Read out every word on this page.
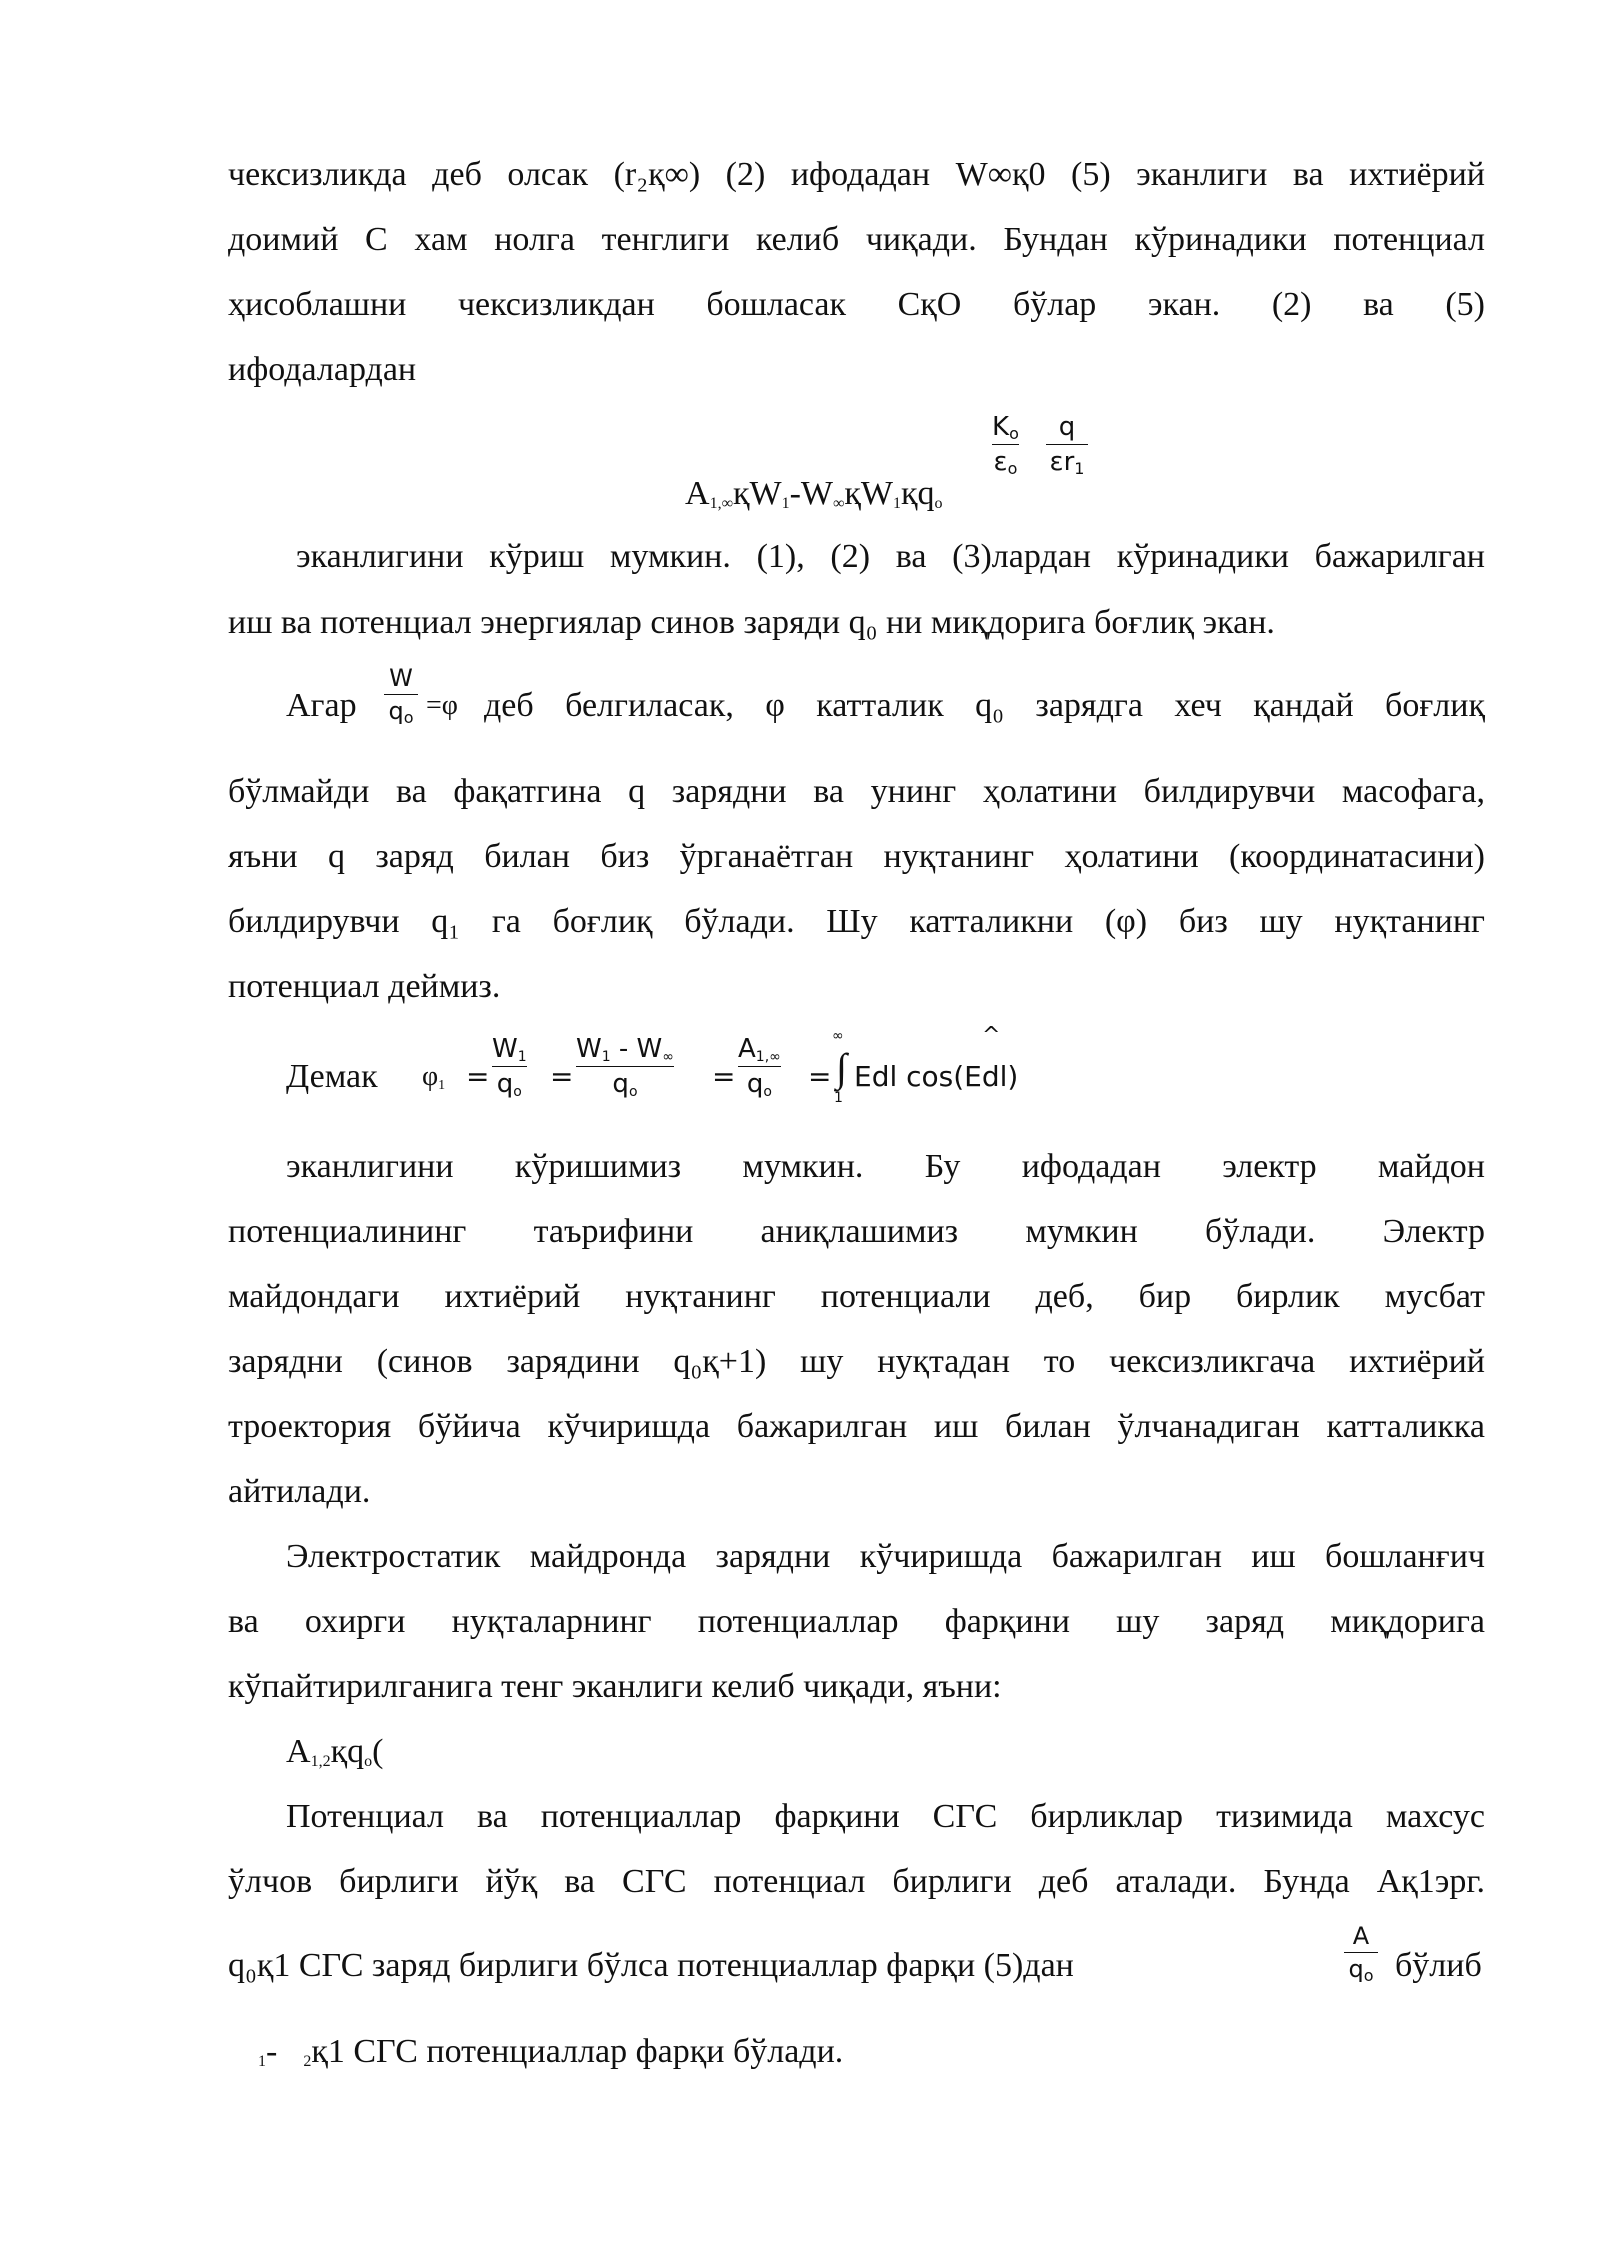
чексизликда деб олсак (r₂қ∞) (2) ифодадан W∞қ0 (5) эканлиги ва ихтиёрий
доимий С хам нолга тенглиги келиб чиқади. Бундан кўринадики потенциал
ҳисоблашни чексизликдан бошласак СқО бўлар экан. (2) ва (5)
ифодалардан
$A_{1,\infty}қW_1-W_\infty қW_1қq_o$
$K_o$
$\varepsilon_o$
q
$\varepsilon r_1$
эканлигини кўриш мумкин. (1), (2) ва (3)лардан кўринадики бажарилган
иш ва потенциал энергиялар синов заряди q₀ ни миқдорига боғлиқ экан.
Агар
W
$q_o =\varphi$ деб белгиласак, φ катталик q₀ зарядга хеч қандай боғлиқ
бўлмайди ва фақатгина q зарядни ва унинг ҳолатини билдирувчи масофага,
яъни q заряд билан биз ўрганаётган нуқтанинг ҳолатини (координатасини)
билдирувчи q₁ га боғлиқ бўлади. Шу катталикни (φ) биз шу нуқтанинг
потенциал деймиз.
Демак $\varphi_1$ =
$W_1$
$q_o$ =
$W_1 - W_\infty$
$q_o$	=
$A_{1,\infty}$
$q_o$ =
∞
∫
1
Edl cos(Edl)
^
эканлигини кўришимиз мумкин. Бу ифодадан электр майдон
потенциалининг таърифини аниқлашимиз мумкин бўлади. Электр
майдондаги ихтиёрий нуқтанинг потенциали деб, бир бирлик мусбат
зарядни (синов зарядини q₀қ+1) шу нуқтадан то чексизликгача ихтиёрий
троектория бўйича кўчиришда бажарилган иш билан ўлчанадиган катталикка
айтилади.
Электростатик майдронда зарядни кўчиришда бажарилган иш бошланғич
ва охирги нуқталарнинг потенциаллар фарқини шу заряд миқдорига
кўпайтирилганига тенг эканлиги келиб чиқади, яъни:
$A_{1,2}қq_o$(
Потенциал ва потенциаллар фарқини СГС бирликлар тизимида махсус
ўлчов бирлиги йўқ ва СГС потенциал бирлиги деб аталади. Бунда Ақ1эрг.
q₀қ1 СГС заряд бирлиги бўлса потенциаллар фарқи (5)дан
A
$q_o$ бўлиб
$_1$- $_2$қ1 СГС потенциаллар фарқи бўлади.
